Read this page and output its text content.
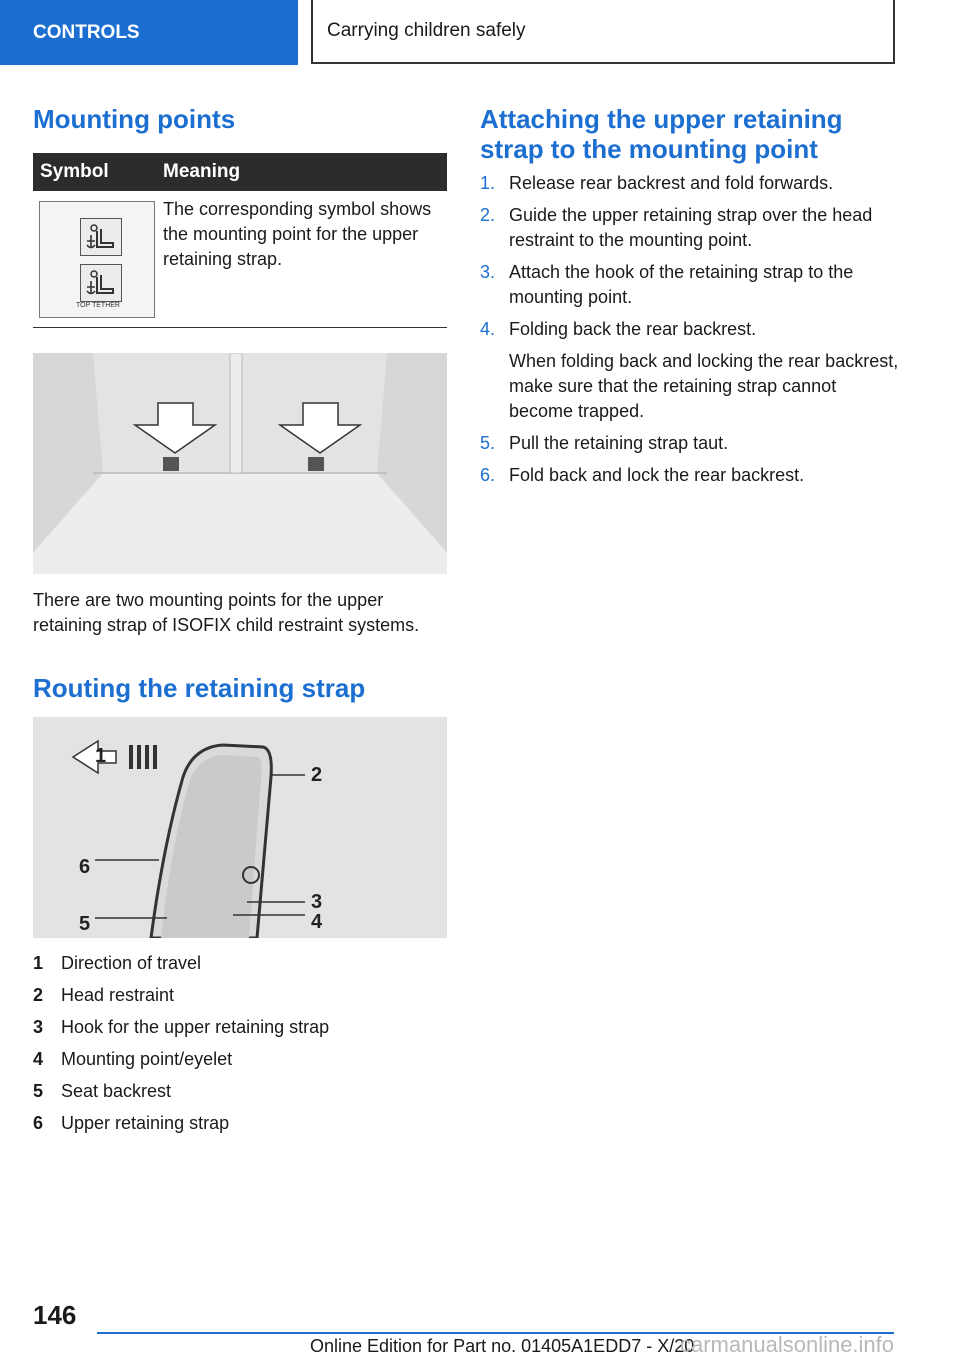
CONTROLS	Carrying children safely
Mounting points
Symbol	Meaning
TOP TETHER
The corresponding symbol shows the mounting point for the upper retaining strap.
There are two mounting points for the upper retaining strap of ISOFIX child restraint systems.
Routing the retaining strap
1
2
3
4
5
6
1 Direction of travel
2 Head restraint
3 Hook for the upper retaining strap
4 Mounting point/eyelet
5 Seat backrest
6 Upper retaining strap
Attaching the upper retaining strap to the mounting point
1. Release rear backrest and fold forwards.
2. Guide the upper retaining strap over the head restraint to the mounting point.
3. Attach the hook of the retaining strap to the mounting point.
4. Folding back the rear backrest.
When folding back and locking the rear backrest, make sure that the retaining strap cannot become trapped.
5. Pull the retaining strap taut.
6. Fold back and lock the rear backrest.
146
Online Edition for Part no. 01405A1EDD7 - X/20
carmanualsonline.info
